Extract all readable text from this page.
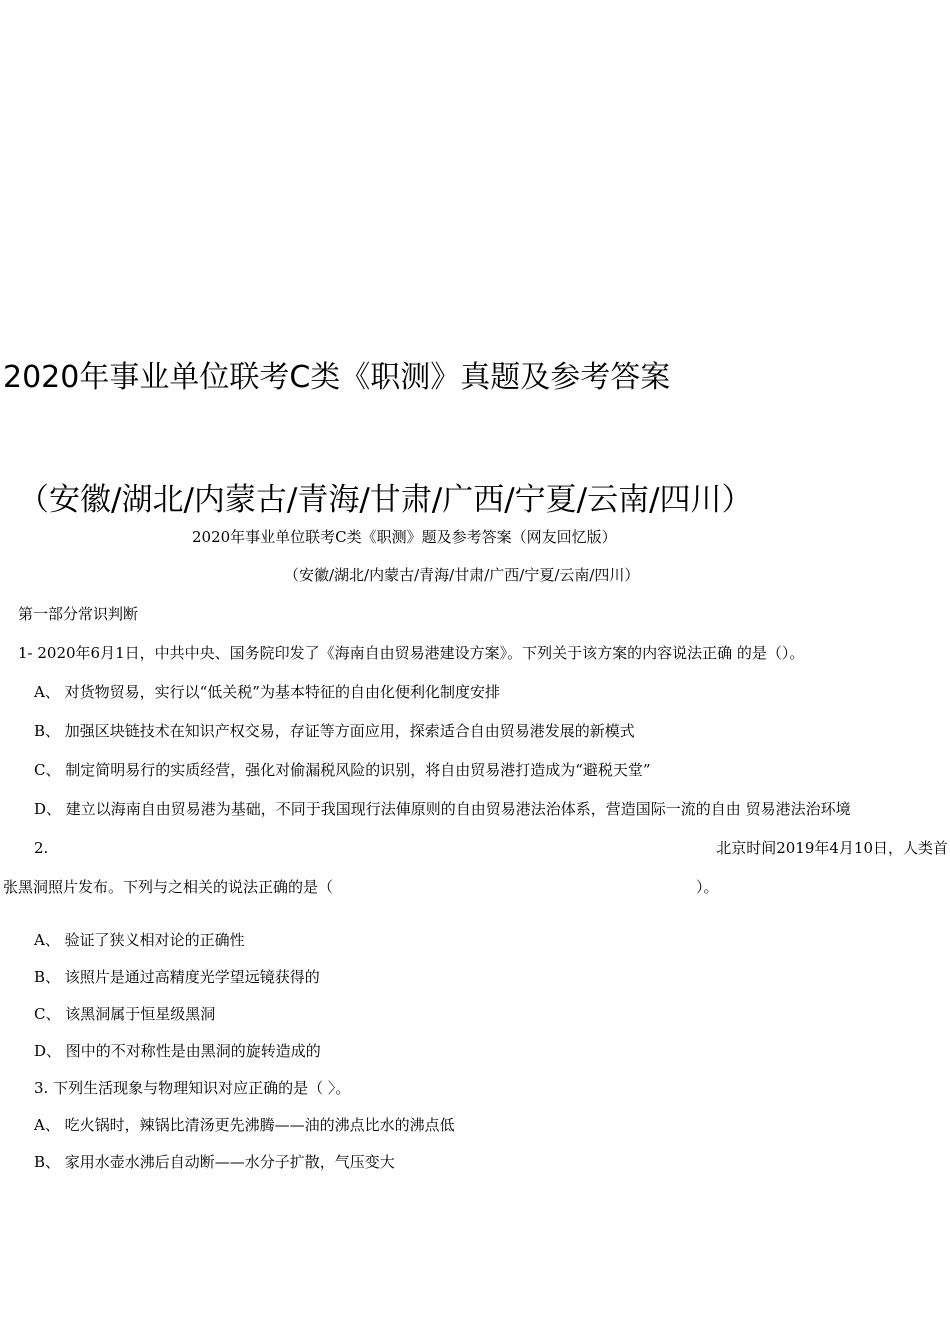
2020年事业单位联考C类《职测》真题及参考答案
（安徽/湖北/内蒙古/青海/甘肃/广西/宁夏/云南/四川）
2020年事业单位联考C类《职测》题及参考答案（网友回忆版）
（安徽/湖北/内蒙古/青海/甘肃/广西/宁夏/云南/四川）
第一部分常识判断
1- 2020年6月1日，中共中央、国务院印发了《海南自由贸易港建设方案》。下列关于该方案的内容说法正确 的是（）。
A、 对货物贸易，实行以“低关税”为基本特征的自由化便利化制度安排
B、 加强区块链技术在知识产权交易，存证等方面应用，探索适合自由贸易港发展的新模式
C、 制定简明易行的实质经营，强化对偷漏税风险的识别，将自由贸易港打造成为“避税天堂”
D、 建立以海南自由贸易港为基础，不同于我国现行法俥原则的自由贸易港法治体系，营造国际一流的自由 贸易港法治环境
2.	北京时间2019年4月10日，人类首
张黑洞照片发布。下列与之相关的说法正确的是（	）。
A、 验证了狭义相对论的正确性
B、 该照片是通过高精度光学望远镜获得的
C、 该黑洞属于恒星级黑洞
D、 图中的不对称性是由黑洞的旋转造成的
3. 下列生活现象与物理知识对应正确的是（ 〉。
A、 吃火锅时，辣锅比清汤更先沸腾——油的沸点比水的沸点低
B、 家用水壶水沸后自动断——水分子扩散，气压变大
